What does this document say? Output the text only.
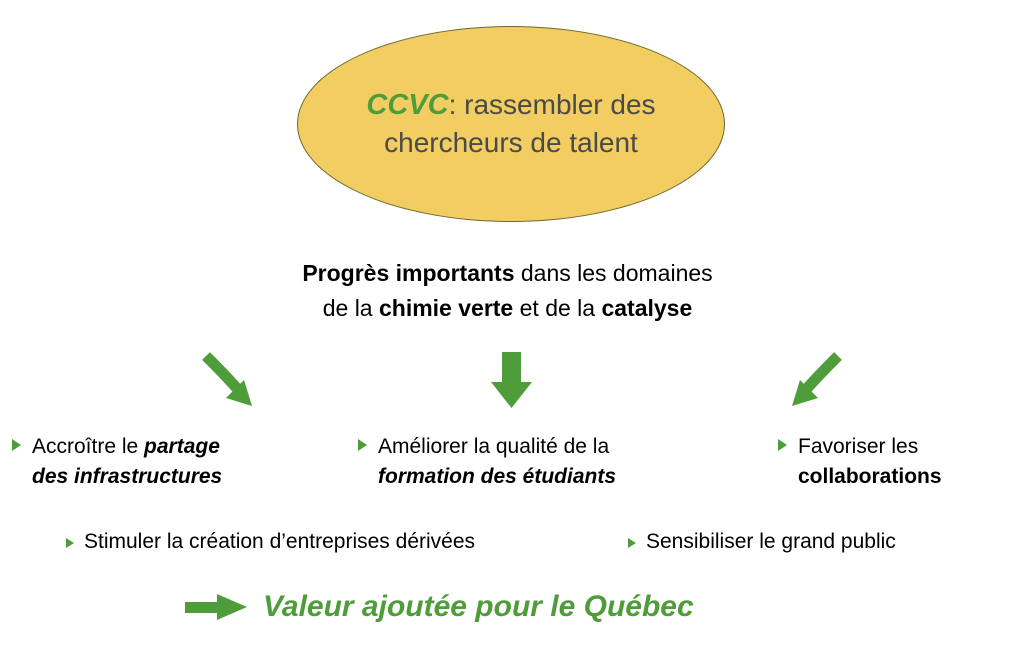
CCVC: rassembler des
chercheurs de talent
Progrès importants dans les domaines
de la chimie verte et de la catalyse
Accroître le partage
des infrastructures
Améliorer la qualité de la
formation des étudiants
Favoriser les
collaborations
Stimuler la création d’entreprises dérivées	Sensibiliser le grand public
Valeur ajoutée pour le Québec
